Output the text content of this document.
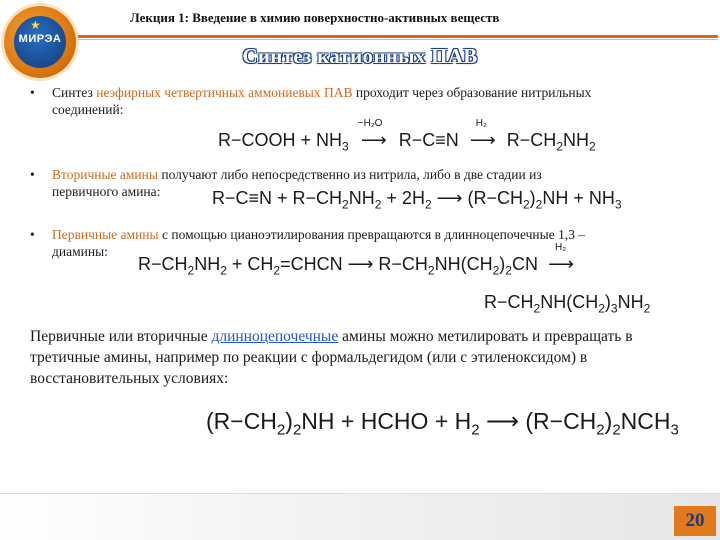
★
МИРЭА
Лекция 1: Введение в химию поверхностно-активных веществ
Синтез катионных ПАВ
• Синтез неэфирных четвертичных аммониевых ПАВ проходит через образование нитрильных
соединений:
R−COOH + $NH_3$
−H₂O
⟶ R−C≡N
H₂
⟶ $R-CH_2NH_2$
• Вторичные амины получают либо непосредственно из нитрила, либо в две стадии из
первичного амина:	$R-C\equiv N + R-CH_2NH_2 + 2H_2$ ⟶ $(R-CH_2)_2NH + NH_3$
• Первичные амины с помощью цианоэтилирования превращаются в длинноцепочечные 1,3 –
диамины:
$R-CH_2NH_2$ + $CH_2=CHCN$ ⟶ $R-CH_2NH(CH_2)_2CN$
H₂
⟶
$R-CH_2NH(CH_2)_3NH_2$
Первичные или вторичные длинноцепочечные амины можно метилировать и превращать в третичные амины, например по реакции с формальдегидом (или с этиленоксидом) в восстановительных условиях:
$(R-CH_2)_2NH$ + HCHO + $H_2$ ⟶ $(R-CH_2)_2NCH_3$
20
